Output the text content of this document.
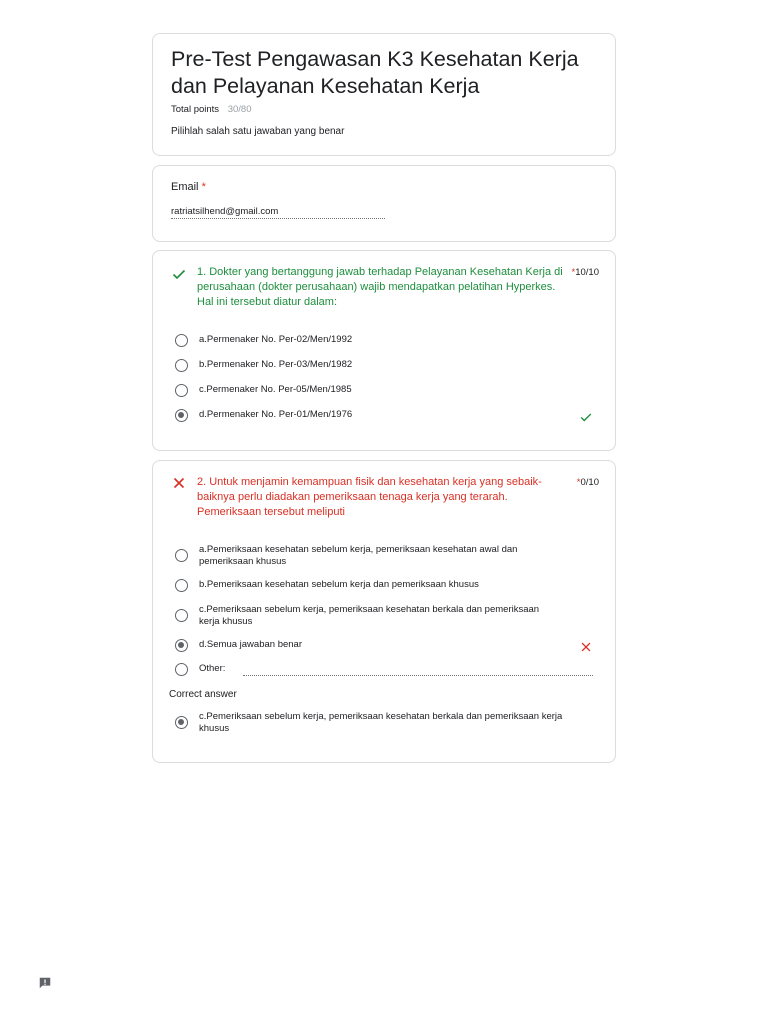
Pre-Test Pengawasan K3 Kesehatan Kerja dan Pelayanan Kesehatan Kerja
Total points 30/80
Pilihlah salah satu jawaban yang benar
Email *
ratriatsilhend@gmail.com

1. Dokter yang bertanggung jawab terhadap Pelayanan Kesehatan Kerja di perusahaan (dokter perusahaan) wajib mendapatkan pelatihan Hyperkes. Hal ini tersebut diatur dalam:

*10/10
a.Permenaker No. Per-02/Men/1992
b.Permenaker No. Per-03/Men/1982
c.Permenaker No. Per-05/Men/1985
d.Permenaker No. Per-01/Men/1976

2. Untuk menjamin kemampuan fisik dan kesehatan kerja yang sebaik-baiknya perlu diadakan pemeriksaan tenaga kerja yang terarah. Pemeriksaan tersebut meliputi

*0/10
a.Pemeriksaan kesehatan sebelum kerja, pemeriksaan kesehatan awal dan pemeriksaan khusus
b.Pemeriksaan kesehatan sebelum kerja dan pemeriksaan khusus
c.Pemeriksaan sebelum kerja, pemeriksaan kesehatan berkala dan pemeriksaan kerja khusus
d.Semua jawaban benar
Other:
Correct answer
c.Pemeriksaan sebelum kerja, pemeriksaan kesehatan berkala dan pemeriksaan kerja khusus
